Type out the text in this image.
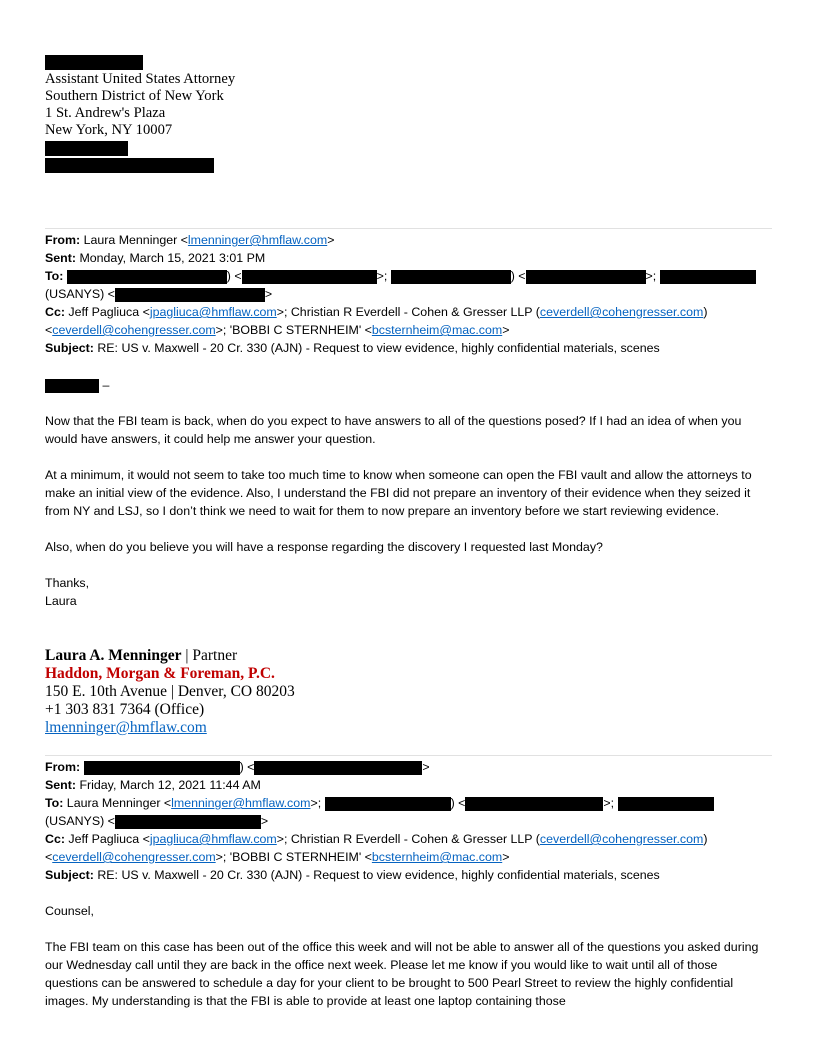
Assistant United States Attorney
Southern District of New York
1 St. Andrew's Plaza
New York, NY 10007
From: Laura Menninger <lmenninger@hmflaw.com>
Sent: Monday, March 15, 2021 3:01 PM
To:	) <	>;	) <	>;
(USANYS) <	>
Cc: Jeff Pagliuca <jpagliuca@hmflaw.com>; Christian R Everdell - Cohen & Gresser LLP (ceverdell@cohengresser.com)
<ceverdell@cohengresser.com>; 'BOBBI C STERNHEIM' <bcsternheim@mac.com>
Subject: RE: US v. Maxwell - 20 Cr. 330 (AJN) - Request to view evidence, highly confidential materials, scenes
–

Now that the FBI team is back, when do you expect to have answers to all of the questions posed? If I had an idea of when you would have answers, it could help me answer your question.

At a minimum, it would not seem to take too much time to know when someone can open the FBI vault and allow the attorneys to make an initial view of the evidence. Also, I understand the FBI did not prepare an inventory of their evidence when they seized it from NY and LSJ, so I don’t think we need to wait for them to now prepare an inventory before we start reviewing evidence.

Also, when do you believe you will have a response regarding the discovery I requested last Monday?

Thanks,
Laura
Laura A. Menninger | Partner
Haddon, Morgan & Foreman, P.C.
150 E. 10th Avenue | Denver, CO 80203
+1 303 831 7364 (Office)
lmenninger@hmflaw.com
From:	) <	>
Sent: Friday, March 12, 2021 11:44 AM
To: Laura Menninger <lmenninger@hmflaw.com>;	) <	>;
(USANYS) <	>
Cc: Jeff Pagliuca <jpagliuca@hmflaw.com>; Christian R Everdell - Cohen & Gresser LLP (ceverdell@cohengresser.com)
<ceverdell@cohengresser.com>; 'BOBBI C STERNHEIM' <bcsternheim@mac.com>
Subject: RE: US v. Maxwell - 20 Cr. 330 (AJN) - Request to view evidence, highly confidential materials, scenes
Counsel,

The FBI team on this case has been out of the office this week and will not be able to answer all of the questions you asked during our Wednesday call until they are back in the office next week. Please let me know if you would like to wait until all of those questions can be answered to schedule a day for your client to be brought to 500 Pearl Street to review the highly confidential images. My understanding is that the FBI is able to provide at least one laptop containing those
